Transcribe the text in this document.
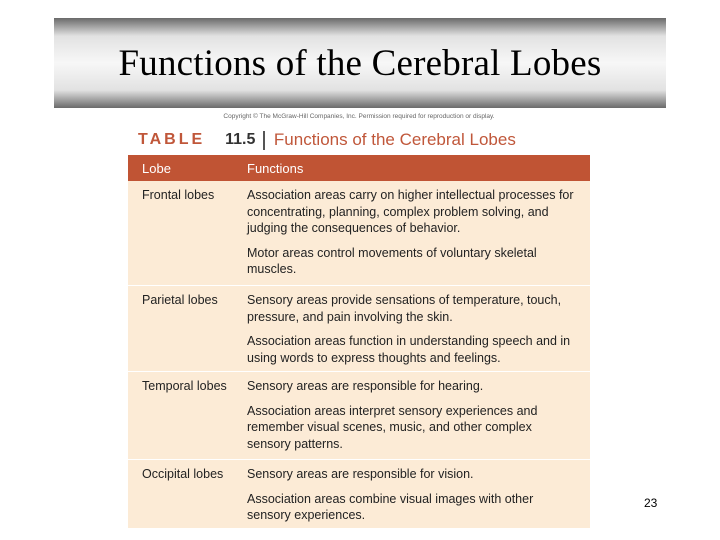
Functions of the Cerebral Lobes
Copyright © The McGraw-Hill Companies, Inc. Permission required for reproduction or display.
TABLE 11.5 Functions of the Cerebral Lobes
Lobe	Functions
Frontal lobes	Association areas carry on higher intellectual processes for concentrating, planning, complex problem solving, and judging the consequences of behavior.
Motor areas control movements of voluntary skeletal muscles.
Parietal lobes	Sensory areas provide sensations of temperature, touch, pressure, and pain involving the skin.
Association areas function in understanding speech and in using words to express thoughts and feelings.
Temporal lobes	Sensory areas are responsible for hearing.
Association areas interpret sensory experiences and remember visual scenes, music, and other complex sensory patterns.
Occipital lobes	Sensory areas are responsible for vision.
Association areas combine visual images with other sensory experiences.
23
